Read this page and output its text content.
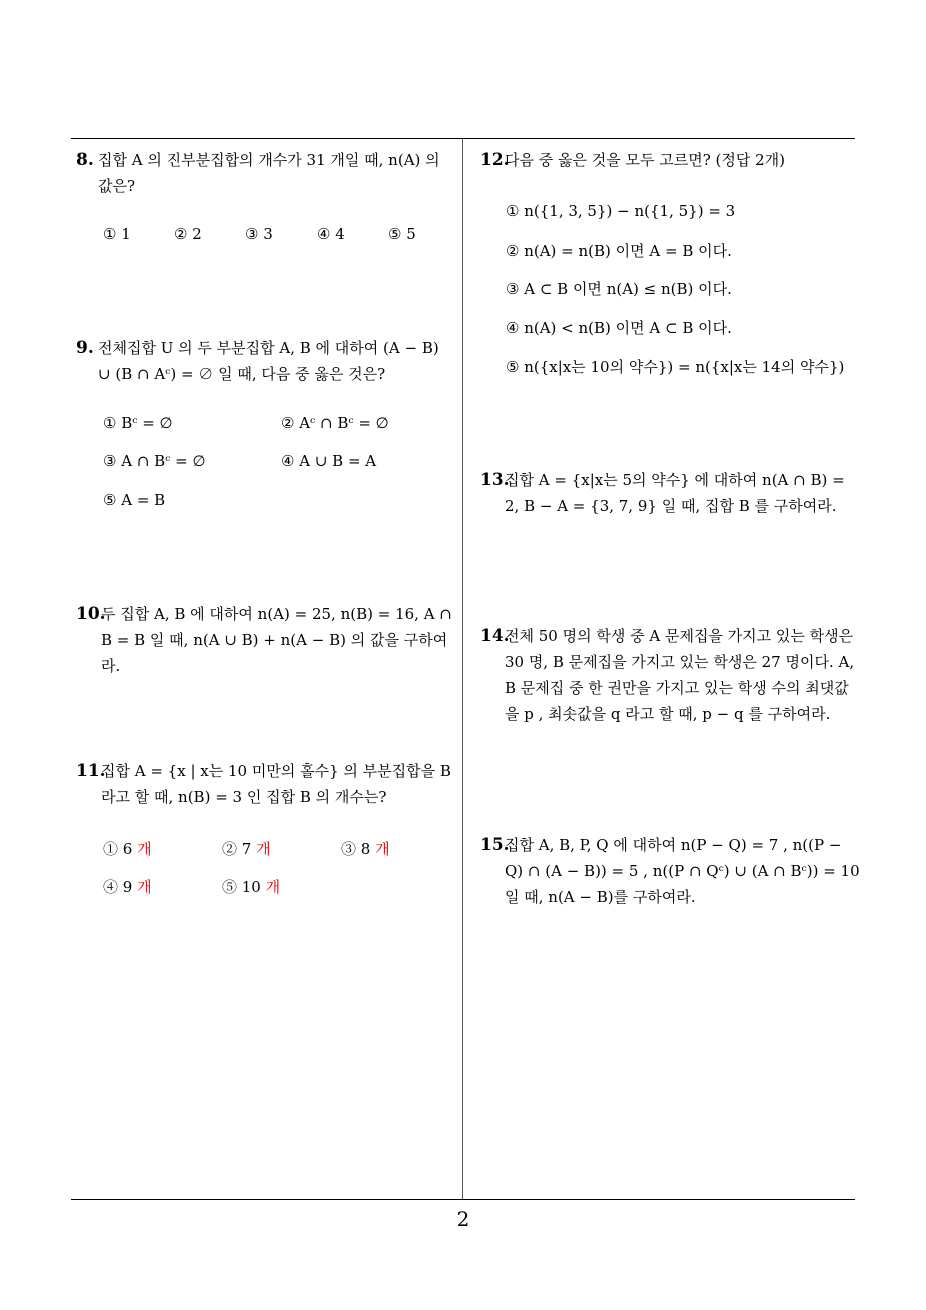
8. 집합 A 의 진부분집합의 개수가 31 개일 때, n(A) 의 값은?
① 1	② 2	③ 3	④ 4	⑤ 5
9. 전체집합 U 의 두 부분집합 A, B 에 대하여 (A − B) ∪ (B ∩ Aᶜ) = ∅ 일 때, 다음 중 옳은 것은?
① Bᶜ = ∅	② Aᶜ ∩ Bᶜ = ∅
③ A ∩ Bᶜ = ∅	④ A ∪ B = A
⑤ A = B
10.
두 집합 A, B 에 대하여 n(A) = 25, n(B) = 16, A ∩ B = B 일 때, n(A ∪ B) + n(A − B) 의 값을 구하여라.
11.
집합 A = {x | x는 10 미만의 홀수} 의 부분집합을 B 라고 할 때, n(B) = 3 인 집합 B 의 개수는?
① 6 개	② 7 개	③ 8 개
④ 9 개	⑤ 10 개
12.
다음 중 옳은 것을 모두 고르면? (정답 2개)
① n({1, 3, 5}) − n({1, 5}) = 3
② n(A) = n(B) 이면 A = B 이다.
③ A ⊂ B 이면 n(A) ≤ n(B) 이다.
④ n(A) < n(B) 이면 A ⊂ B 이다.
⑤ n({x|x는 10의 약수}) = n({x|x는 14의 약수})
13.
집합 A = {x|x는 5의 약수} 에 대하여 n(A ∩ B) = 2, B − A = {3, 7, 9} 일 때, 집합 B 를 구하여라.
14.
전체 50 명의 학생 중 A 문제집을 가지고 있는 학생은 30 명, B 문제집을 가지고 있는 학생은 27 명이다. A, B 문제집 중 한 권만을 가지고 있는 학생 수의 최댓값을 p , 최솟값을 q 라고 할 때, p − q 를 구하여라.
15.
집합 A, B, P, Q 에 대하여 n(P − Q) = 7 , n((P − Q) ∩ (A − B)) = 5 , n((P ∩ Qᶜ) ∪ (A ∩ Bᶜ)) = 10 일 때, n(A − B)를 구하여라.
2
